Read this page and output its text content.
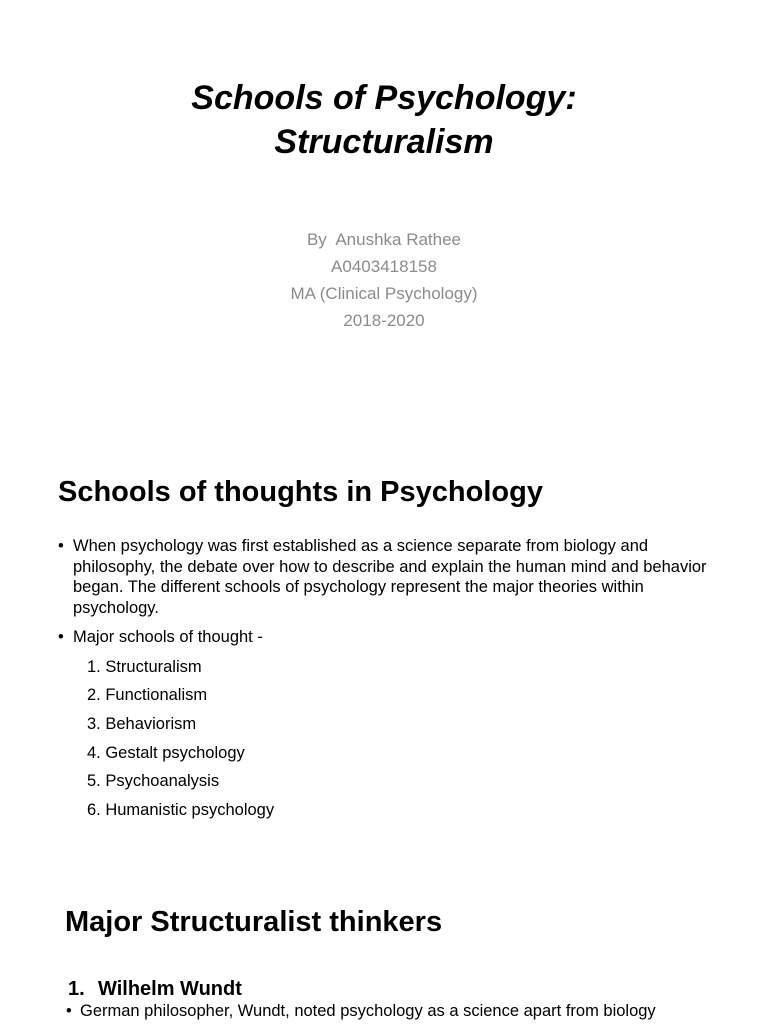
Schools of Psychology:
Structuralism
By  Anushka Rathee
A0403418158
MA (Clinical Psychology)
2018-2020
Schools of thoughts in Psychology
• When psychology was first established as a science separate from biology and philosophy, the debate over how to describe and explain the human mind and behavior began. The different schools of psychology represent the major theories within psychology.
• Major schools of thought -
1. Structuralism
2. Functionalism
3. Behaviorism
4. Gestalt psychology
5. Psychoanalysis
6. Humanistic psychology
Major Structuralist thinkers
1. Wilhelm Wundt
• German philosopher, Wundt, noted psychology as a science apart from biology
